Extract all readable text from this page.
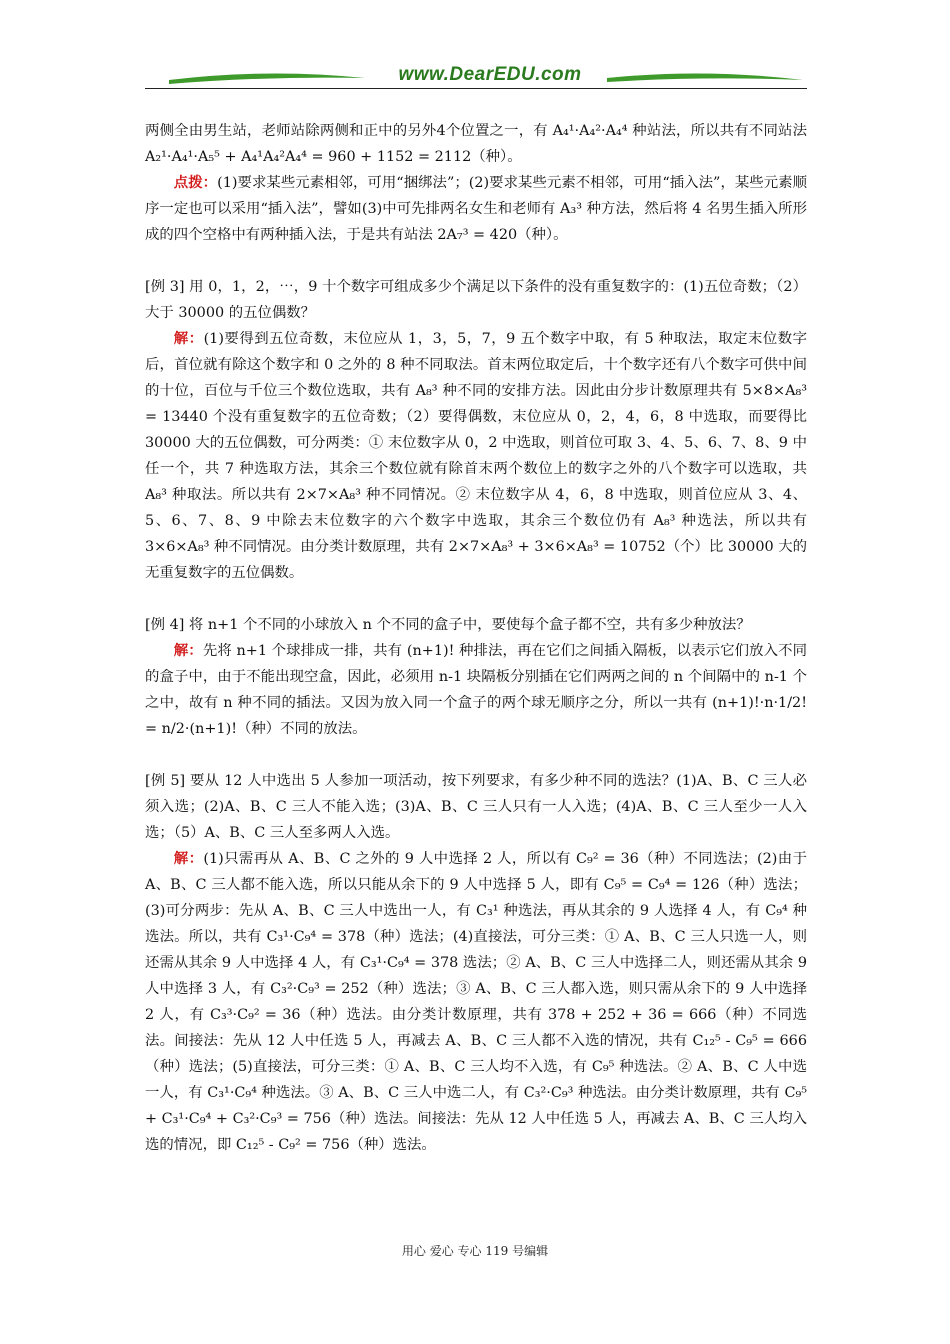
www.DearEDU.com

两侧全由男生站，老师站除两侧和正中的另外4个位置之一，有 A₄¹·A₄²·A₄⁴ 种站法，所以共有不同站法 A₂¹·A₄¹·A₅⁵ + A₄¹A₄²A₄⁴ = 960 + 1152 = 2112（种）。

点拨：(1)要求某些元素相邻，可用“捆绑法”；(2)要求某些元素不相邻，可用“插入法”，某些元素顺序一定也可以采用“插入法”，譬如(3)中可先排两名女生和老师有 A₃³ 种方法，然后将 4 名男生插入所形成的四个空格中有两种插入法，于是共有站法 2A₇³ = 420（种）。

[例 3] 用 0，1，2，⋯，9 十个数字可组成多少个满足以下条件的没有重复数字的：(1)五位奇数；（2）大于 30000 的五位偶数？

解：(1)要得到五位奇数，末位应从 1，3，5，7，9 五个数字中取，有 5 种取法，取定末位数字后，首位就有除这个数字和 0 之外的 8 种不同取法。首末两位取定后，十个数字还有八个数字可供中间的十位，百位与千位三个数位选取，共有 A₈³ 种不同的安排方法。因此由分步计数原理共有 5×8×A₈³ = 13440 个没有重复数字的五位奇数；（2）要得偶数，末位应从 0，2，4，6，8 中选取，而要得比 30000 大的五位偶数，可分两类：① 末位数字从 0，2 中选取，则首位可取 3、4、5、6、7、8、9 中任一个，共 7 种选取方法，其余三个数位就有除首末两个数位上的数字之外的八个数字可以选取，共 A₈³ 种取法。所以共有 2×7×A₈³ 种不同情况。② 末位数字从 4，6，8 中选取，则首位应从 3、4、5、6、7、8、9 中除去末位数字的六个数字中选取，其余三个数位仍有 A₈³ 种选法，所以共有 3×6×A₈³ 种不同情况。由分类计数原理，共有 2×7×A₈³ + 3×6×A₈³ = 10752（个）比 30000 大的无重复数字的五位偶数。

[例 4] 将 n+1 个不同的小球放入 n 个不同的盒子中，要使每个盒子都不空，共有多少种放法？

解：先将 n+1 个球排成一排，共有 (n+1)! 种排法，再在它们之间插入隔板，以表示它们放入不同的盒子中，由于不能出现空盒，因此，必须用 n-1 块隔板分别插在它们两两之间的 n 个间隔中的 n-1 个之中，故有 n 种不同的插法。又因为放入同一个盒子的两个球无顺序之分，所以一共有 (n+1)!·n·1/2! = n/2·(n+1)!（种）不同的放法。

[例 5] 要从 12 人中选出 5 人参加一项活动，按下列要求，有多少种不同的选法？(1)A、B、C 三人必须入选；(2)A、B、C 三人不能入选；(3)A、B、C 三人只有一人入选；(4)A、B、C 三人至少一人入选；（5）A、B、C 三人至多两人入选。

解：(1)只需再从 A、B、C 之外的 9 人中选择 2 人，所以有 C₉² = 36（种）不同选法；(2)由于 A、B、C 三人都不能入选，所以只能从余下的 9 人中选择 5 人，即有 C₉⁵ = C₉⁴ = 126（种）选法；(3)可分两步：先从 A、B、C 三人中选出一人，有 C₃¹ 种选法，再从其余的 9 人选择 4 人，有 C₉⁴ 种选法。所以，共有 C₃¹·C₉⁴ = 378（种）选法；(4)直接法，可分三类：① A、B、C 三人只选一人，则还需从其余 9 人中选择 4 人，有 C₃¹·C₉⁴ = 378 选法；② A、B、C 三人中选择二人，则还需从其余 9 人中选择 3 人，有 C₃²·C₉³ = 252（种）选法；③ A、B、C 三人都入选，则只需从余下的 9 人中选择 2 人，有 C₃³·C₉² = 36（种）选法。由分类计数原理，共有 378 + 252 + 36 = 666（种）不同选法。间接法：先从 12 人中任选 5 人，再减去 A、B、C 三人都不入选的情况，共有 C₁₂⁵ - C₉⁵ = 666（种）选法；(5)直接法，可分三类：① A、B、C 三人均不入选，有 C₉⁵ 种选法。② A、B、C 人中选一人，有 C₃¹·C₉⁴ 种选法。③ A、B、C 三人中选二人，有 C₃²·C₉³ 种选法。由分类计数原理，共有 C₉⁵ + C₃¹·C₉⁴ + C₃²·C₉³ = 756（种）选法。间接法：先从 12 人中任选 5 人，再减去 A、B、C 三人均入选的情况，即 C₁₂⁵ - C₉² = 756（种）选法。

用心 爱心 专心 119 号编辑
